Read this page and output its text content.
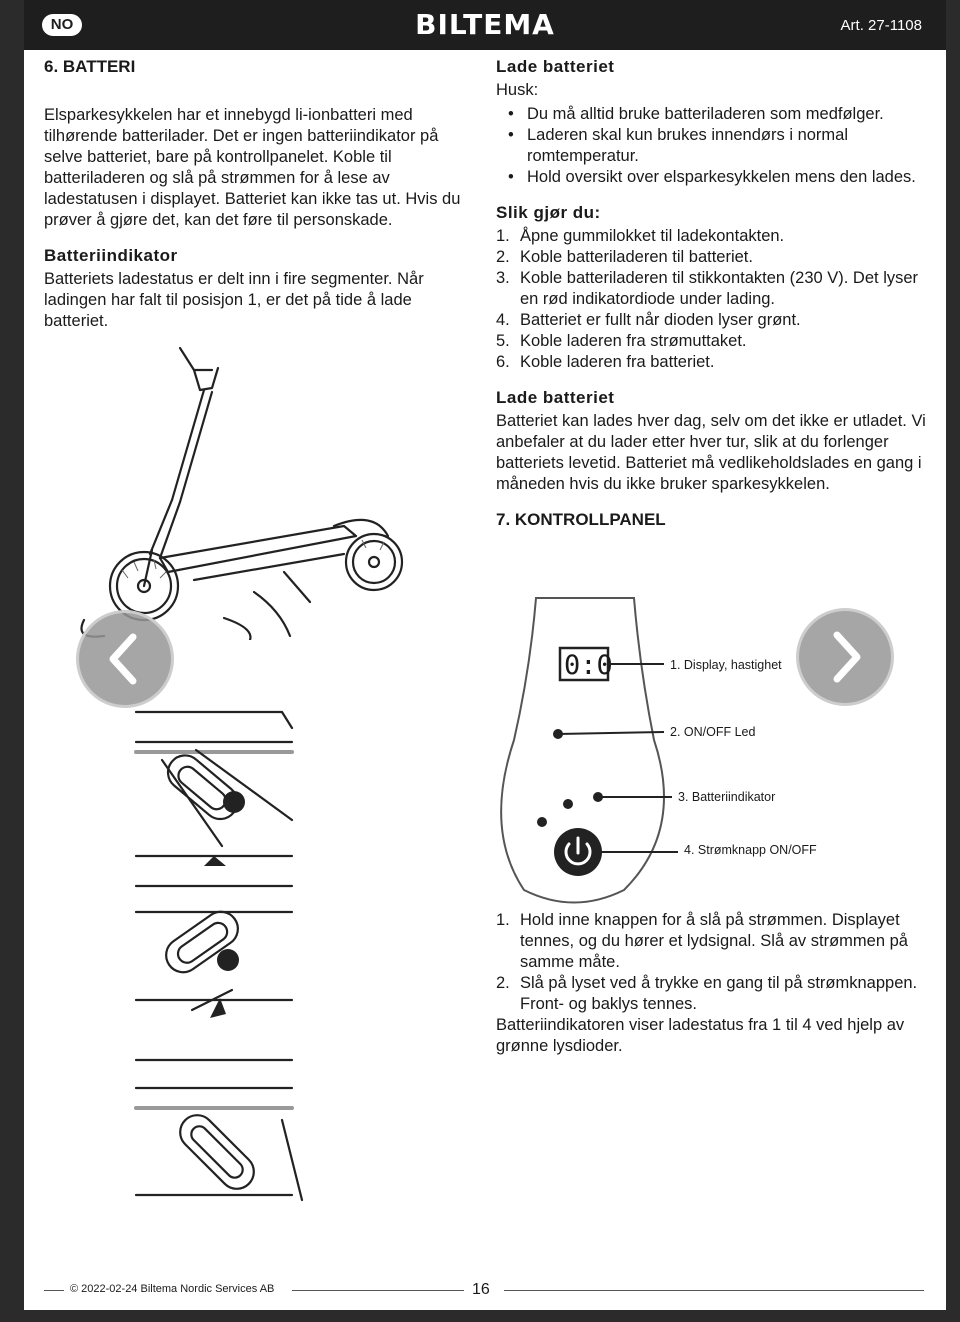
NO	BILTEMA	Art. 27-1108
6. BATTERI

Elsparkesykkelen har et innebygd li-ionbatteri med tilhørende batterilader. Det er ingen batteriindikator på selve batteriet, bare på kontrollpanelet. Koble til batteriladeren og slå på strømmen for å lese av ladestatusen i displayet. Batteriet kan ikke tas ut. Hvis du prøver å gjøre det, kan det føre til personskade.

Batteriindikator

Batteriets ladestatus er delt inn i fire segmenter. Når ladingen har falt til posisjon 1, er det på tide å lade batteriet.

Lade batteriet
Husk:
• Du må alltid bruke batteriladeren som medfølger.
• Laderen skal kun brukes innendørs i normal romtemperatur.
• Hold oversikt over elsparkesykkelen mens den lades.
Slik gjør du:
1. Åpne gummilokket til ladekontakten.
2. Koble batteriladeren til batteriet.
3. Koble batteriladeren til stikkontakten (230 V). Det lyser en rød indikatordiode under lading.
4. Batteriet er fullt når dioden lyser grønt.
5. Koble laderen fra strømuttaket.
6. Koble laderen fra batteriet.
Lade batteriet

Batteriet kan lades hver dag, selv om det ikke er utladet. Vi anbefaler at du lader etter hver tur, slik at du forlenger batteriets levetid. Batteriet må vedlikeholdslades en gang i måneden hvis du ikke bruker sparkesykkelen.

7. KONTROLLPANEL
1. Hold inne knappen for å slå på strømmen. Displayet tennes, og du hører et lydsignal. Slå av strømmen på samme måte.
2. Slå på lyset ved å trykke en gang til på strømknappen. Front- og baklys tennes.

Batteriindikatoren viser ladestatus fra 1 til 4 ved hjelp av grønne lysdioder.

0:0	1. Display, hastighet
2. ON/OFF Led
3. Batteriindikator
4. Strømknapp ON/OFF
© 2022-02-24 Biltema Nordic Services AB	16
